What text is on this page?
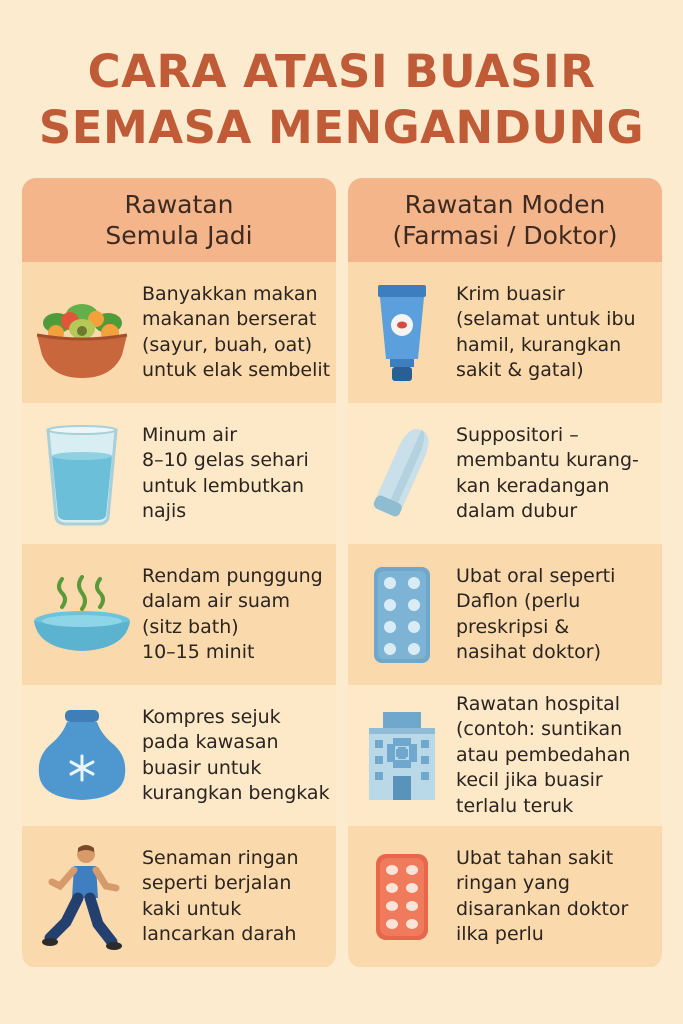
CARA ATASI BUASIR
SEMASA MENGANDUNG
Rawatan
Semula Jadi
Banyakkan makan
makanan berserat
(sayur, buah, oat)
untuk elak sembelit
Minum air
8–10 gelas sehari
untuk lembutkan
najis
Rendam punggung
dalam air suam
(sitz bath)
10–15 minit
Kompres sejuk
pada kawasan
buasir untuk
kurangkan bengkak
Senaman ringan
seperti berjalan
kaki untuk
lancarkan darah
Rawatan Moden
(Farmasi / Doktor)
Krim buasir
(selamat untuk ibu
hamil, kurangkan
sakit & gatal)
Suppositori –
membantu kurang-
kan keradangan
dalam dubur
Ubat oral seperti
Daflon (perlu
preskripsi &
nasihat doktor)
Rawatan hospital
(contoh: suntikan
atau pembedahan
kecil jika buasir
terlalu teruk
Ubat tahan sakit
ringan yang
disarankan doktor
ilka perlu
